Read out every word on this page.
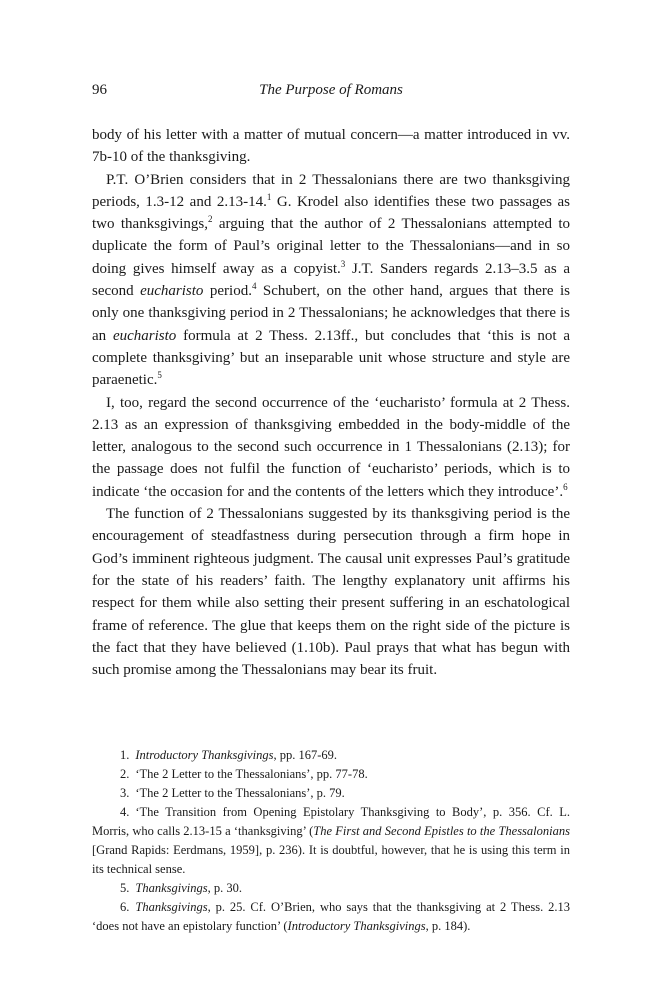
96	The Purpose of Romans

body of his letter with a matter of mutual concern—a matter introduced in vv. 7b-10 of the thanksgiving.

P.T. O’Brien considers that in 2 Thessalonians there are two thanksgiving periods, 1.3-12 and 2.13-14.$^1$ G. Krodel also identifies these two passages as two thanksgivings,$^2$ arguing that the author of 2 Thessalonians attempted to duplicate the form of Paul’s original letter to the Thessalonians—and in so doing gives himself away as a copyist.$^3$ J.T. Sanders regards 2.13–3.5 as a second eucharisto period.$^4$ Schubert, on the other hand, argues that there is only one thanksgiving period in 2 Thessalonians; he acknowledges that there is an eucharisto formula at 2 Thess. 2.13ff., but concludes that ‘this is not a complete thanksgiving’ but an inseparable unit whose structure and style are paraenetic.$^5$

I, too, regard the second occurrence of the ‘eucharisto’ formula at 2 Thess. 2.13 as an expression of thanksgiving embedded in the body-middle of the letter, analogous to the second such occurrence in 1 Thessalonians (2.13); for the passage does not fulfil the function of ‘eucharisto’ periods, which is to indicate ‘the occasion for and the contents of the letters which they introduce’.$^6$

The function of 2 Thessalonians suggested by its thanksgiving period is the encouragement of steadfastness during persecution through a firm hope in God’s imminent righteous judgment. The causal unit expresses Paul’s gratitude for the state of his readers’ faith. The lengthy explanatory unit affirms his respect for them while also setting their present suffering in an eschatological frame of reference. The glue that keeps them on the right side of the picture is the fact that they have believed (1.10b). Paul prays that what has begun with such promise among the Thessalonians may bear its fruit.

1. Introductory Thanksgivings, pp. 167-69.

2. ‘The 2 Letter to the Thessalonians’, pp. 77-78.

3. ‘The 2 Letter to the Thessalonians’, p. 79.

4. ‘The Transition from Opening Epistolary Thanksgiving to Body’, p. 356. Cf. L. Morris, who calls 2.13-15 a ‘thanksgiving’ (The First and Second Epistles to the Thessalonians [Grand Rapids: Eerdmans, 1959], p. 236). It is doubtful, however, that he is using this term in its technical sense.

5. Thanksgivings, p. 30.

6. Thanksgivings, p. 25. Cf. O’Brien, who says that the thanksgiving at 2 Thess. 2.13 ‘does not have an epistolary function’ (Introductory Thanksgivings, p. 184).
